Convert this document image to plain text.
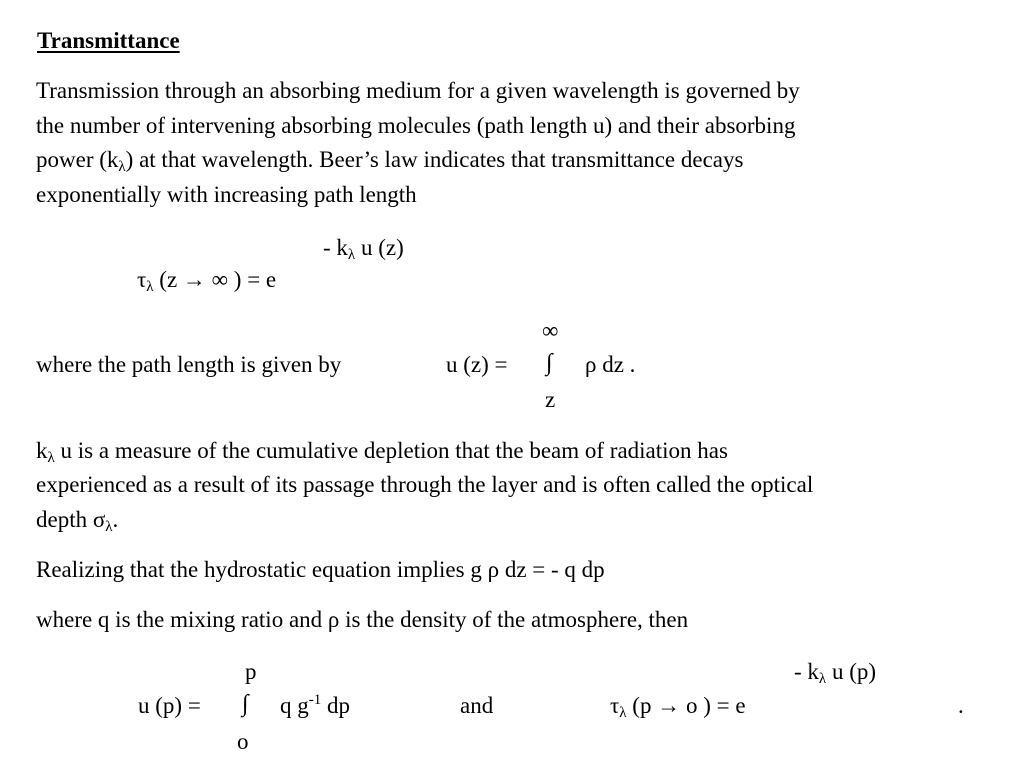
Transmittance
Transmission through an absorbing medium for a given wavelength is governed by
the number of intervening absorbing molecules (path length u) and their absorbing
power $(k_\lambda)$ at that wavelength. Beer’s law indicates that transmittance decays
exponentially with increasing path length
- $k_\lambda$ u (z)
$\tau_\lambda$ (z → ∞ ) = e
∞
where the path length is given by	u (z) = ∫ ρ dz .
z
$k_\lambda$ u is a measure of the cumulative depletion that the beam of radiation has
experienced as a result of its passage through the layer and is often called the optical
depth $\sigma_\lambda$.
Realizing that the hydrostatic equation implies g ρ dz = - q dp
where q is the mixing ratio and ρ is the density of the atmosphere, then
p	- $k_\lambda$ u (p)
u (p) = ∫ q $g^{-1}$ dp	and	$\tau_\lambda$ (p → o ) = e	.
o
